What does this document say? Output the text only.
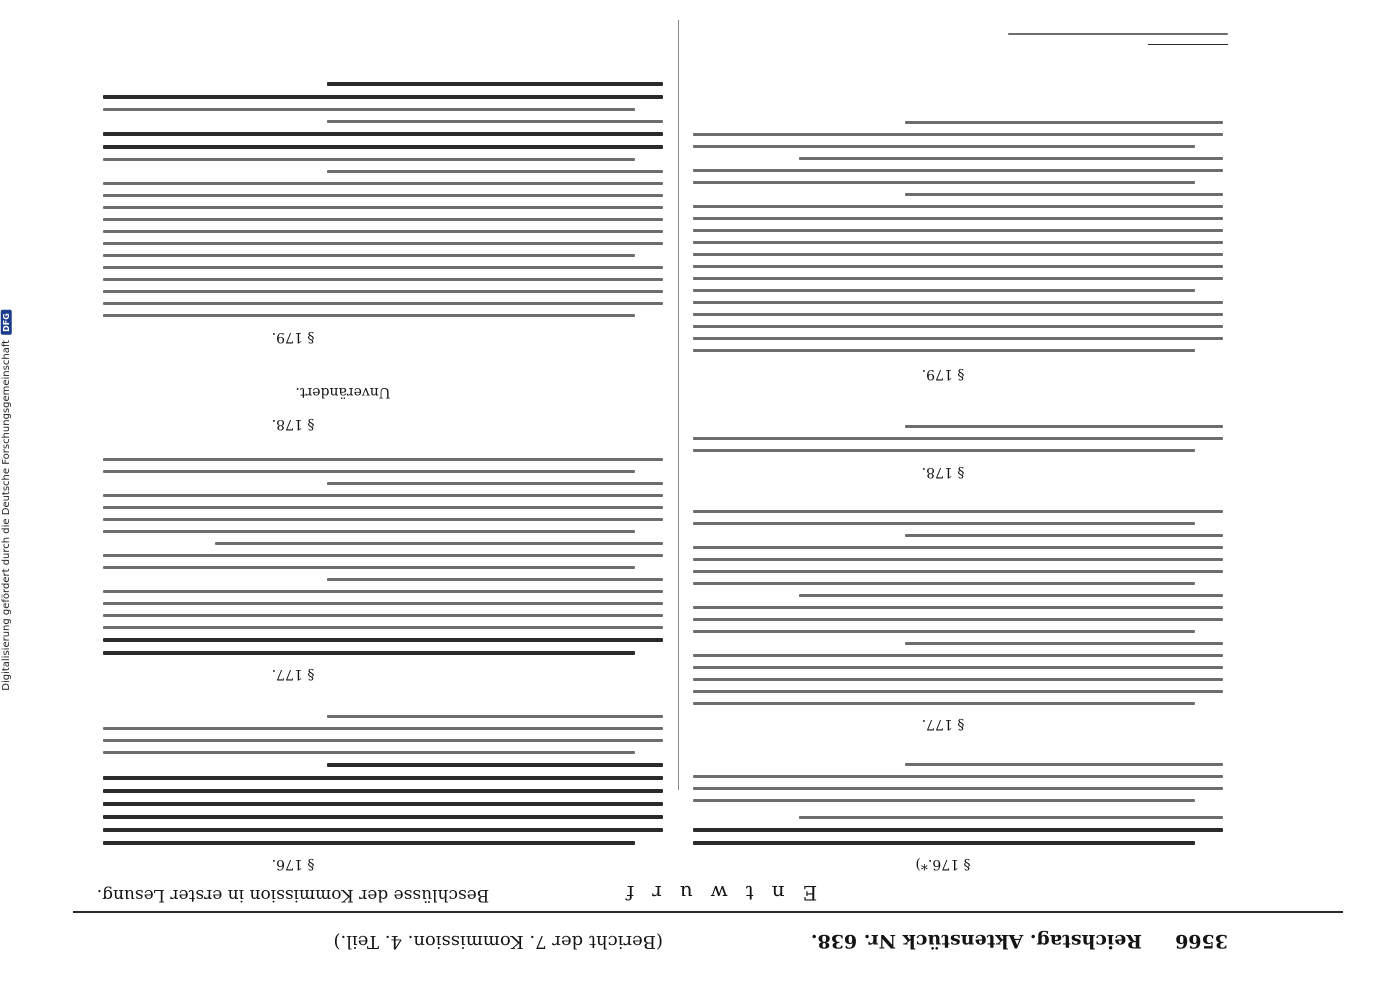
3566     Reichstag. Aktenstück Nr. 638.
(Bericht der 7. Kommission. 4. Teil.)
Entwurf
Beschlüsse der Kommission in erster Lesung.
§ 176.*)
§ 177.
§ 178.
§ 179.
§ 176.
§ 177.
§ 178.
Unverändert.
§ 179.
Digitalisierung gefördert durch die Deutsche Forschungsgemeinschaft
DFG
